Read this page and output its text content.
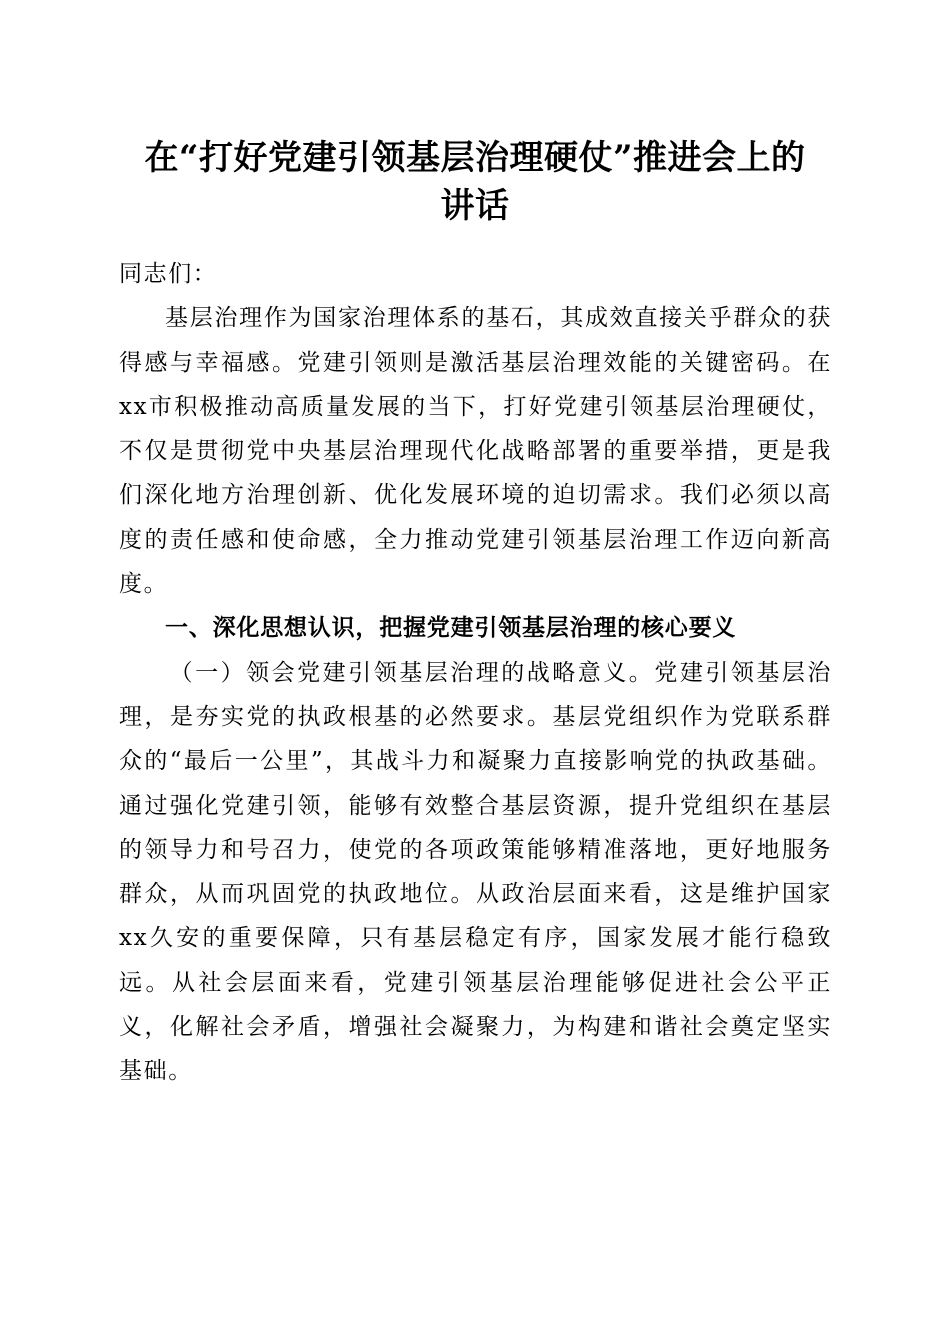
在“打好党建引领基层治理硬仗”推进会上的
讲话

同志们：

基层治理作为国家治理体系的基石，其成效直接关乎群众的获得感与幸福感。党建引领则是激活基层治理效能的关键密码。在xx市积极推动高质量发展的当下，打好党建引领基层治理硬仗，不仅是贯彻党中央基层治理现代化战略部署的重要举措，更是我们深化地方治理创新、优化发展环境的迫切需求。我们必须以高度的责任感和使命感，全力推动党建引领基层治理工作迈向新高度。

一、深化思想认识，把握党建引领基层治理的核心要义

（一）领会党建引领基层治理的战略意义。党建引领基层治理，是夯实党的执政根基的必然要求。基层党组织作为党联系群众的“最后一公里”，其战斗力和凝聚力直接影响党的执政基础。通过强化党建引领，能够有效整合基层资源，提升党组织在基层的领导力和号召力，使党的各项政策能够精准落地，更好地服务群众，从而巩固党的执政地位。从政治层面来看，这是维护国家xx久安的重要保障，只有基层稳定有序，国家发展才能行稳致远。从社会层面来看，党建引领基层治理能够促进社会公平正义，化解社会矛盾，增强社会凝聚力，为构建和谐社会奠定坚实基础。
